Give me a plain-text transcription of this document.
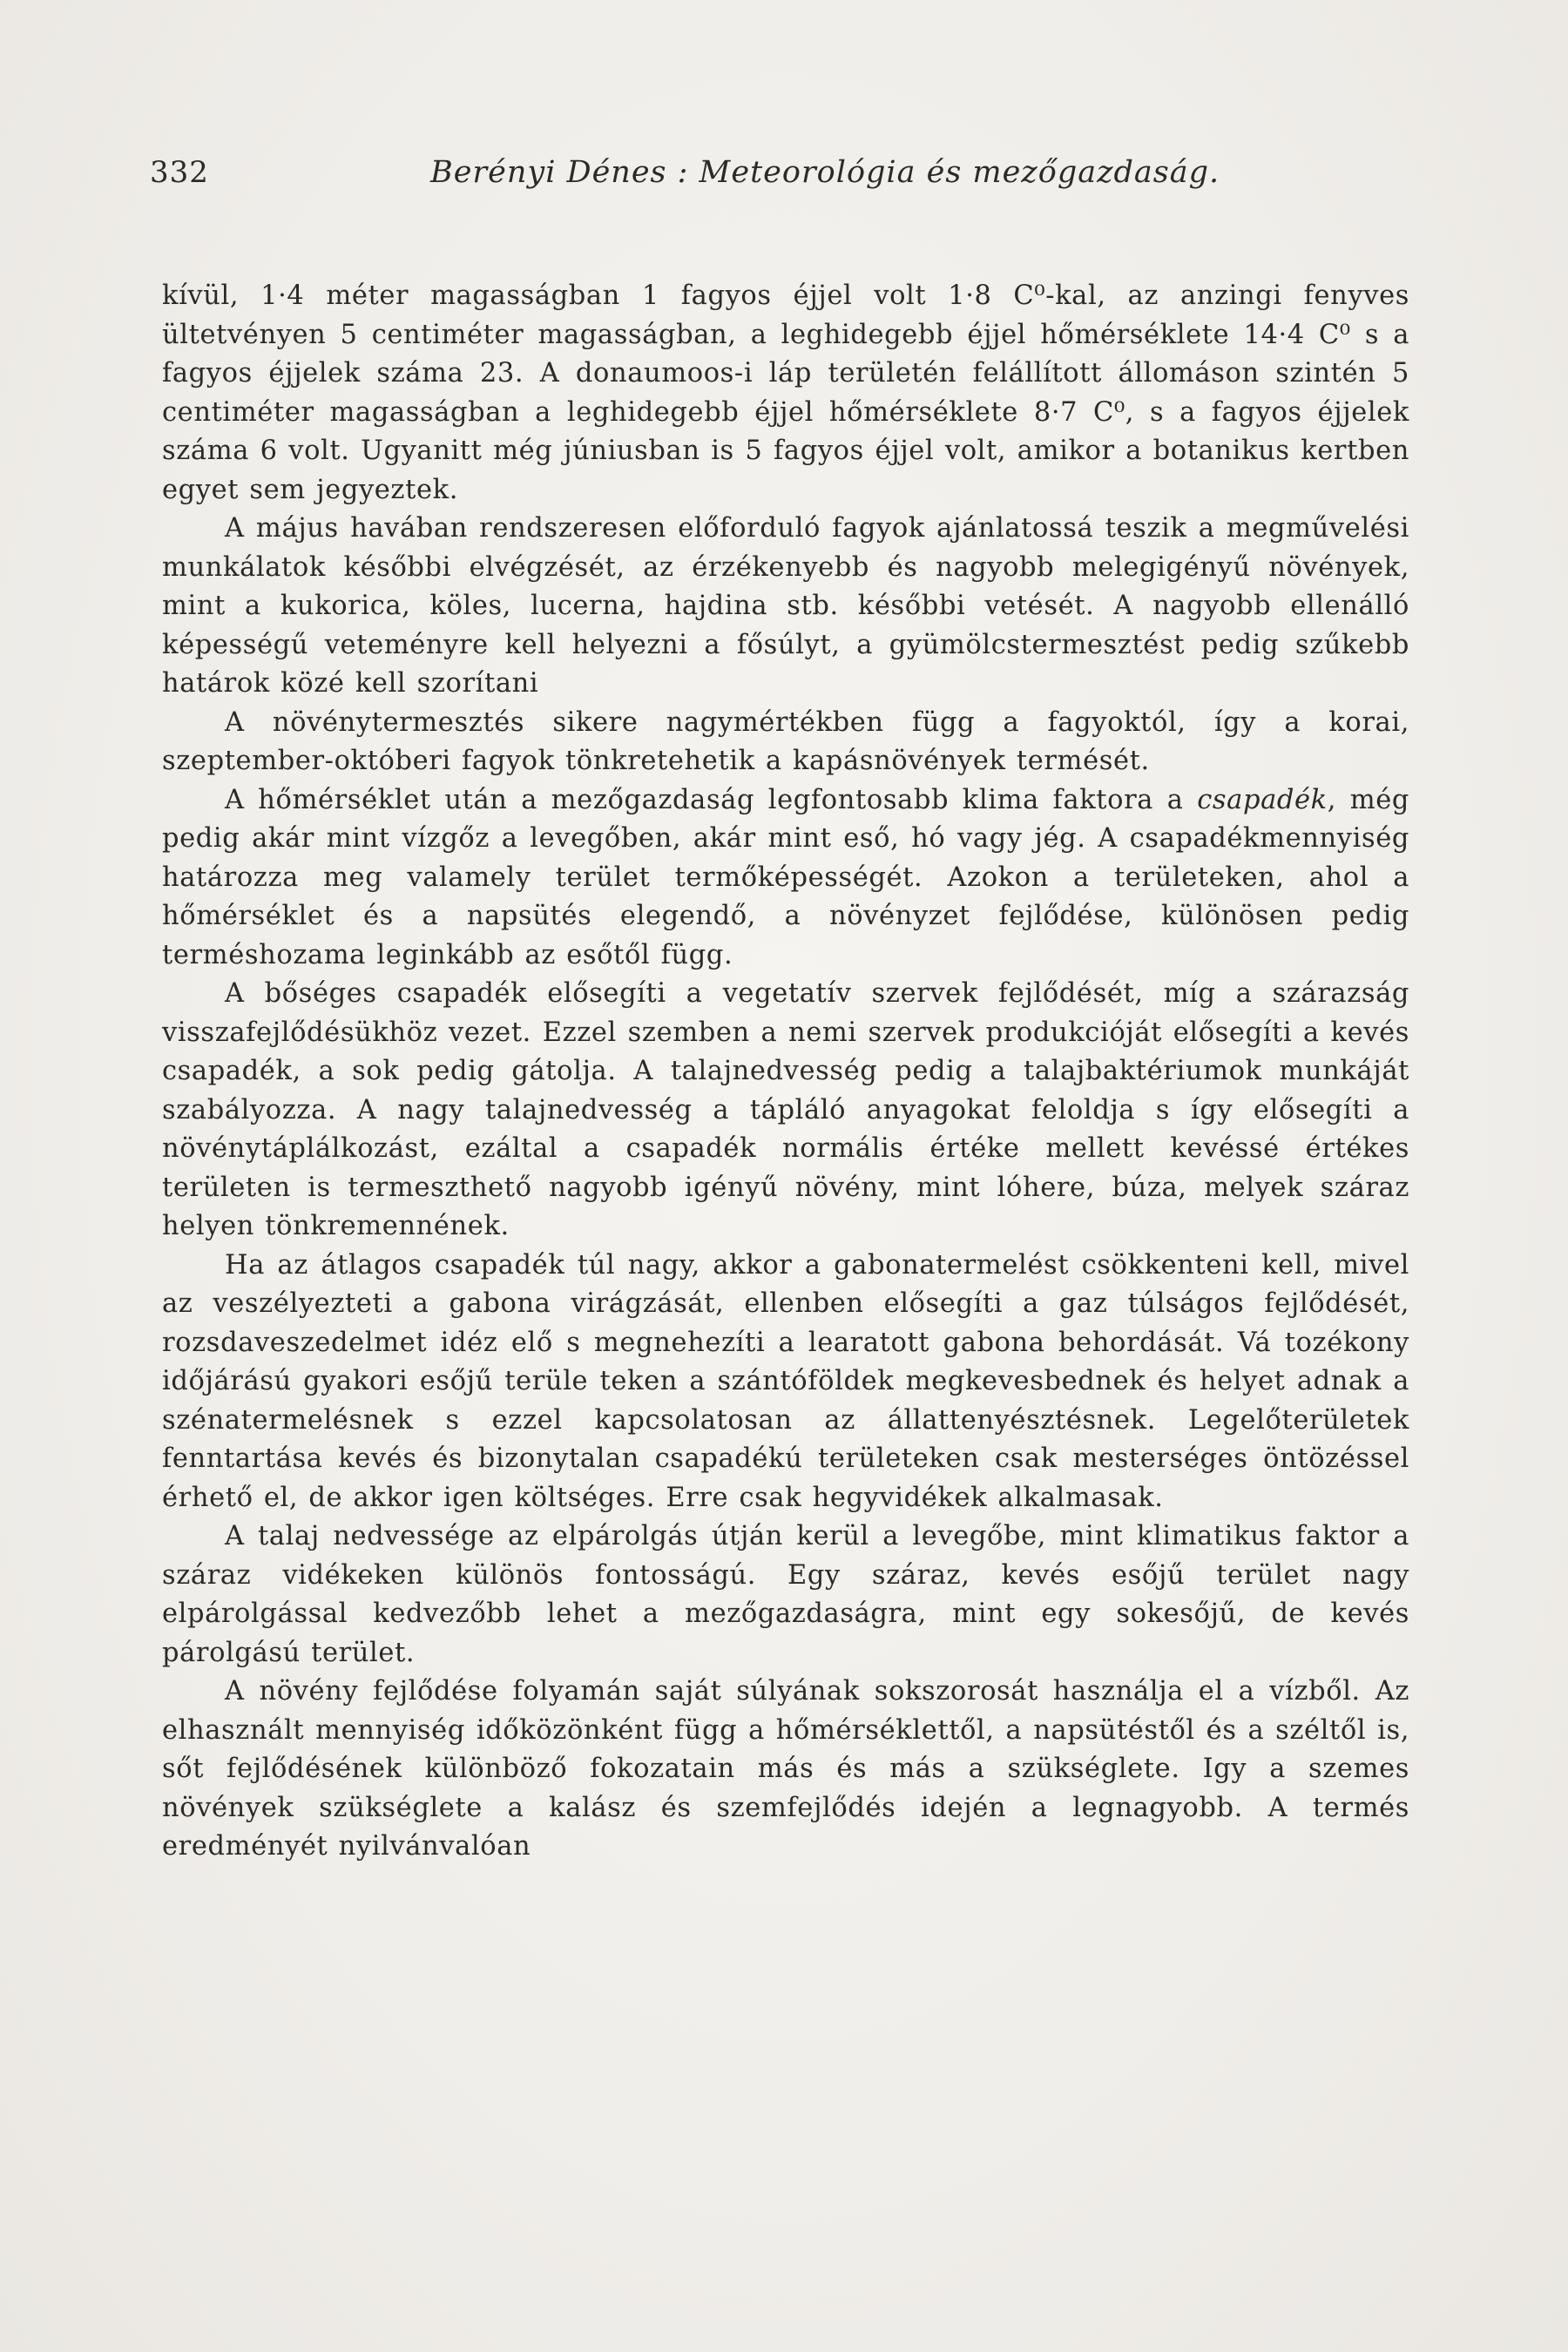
332	Berényi Dénes : Meteorológia és mezőgazdaság.

kívül, 1·4 méter magasságban 1 fagyos éjjel volt 1·8 C⁰-kal, az anzingi fenyves ültetvényen 5 centiméter magasságban, a leghidegebb éjjel hőmérséklete 14·4 C⁰ s a fagyos éjjelek száma 23. A donaumoos-i láp területén felállított állomáson szintén 5 centiméter magasságban a leghidegebb éjjel hőmérséklete 8·7 C⁰, s a fagyos éjjelek száma 6 volt. Ugyanitt még júniusban is 5 fagyos éjjel volt, amikor a botanikus kertben egyet sem jegyeztek.

A május havában rendszeresen előforduló fagyok ajánlatossá teszik a megművelési munkálatok későbbi elvégzését, az érzékenyebb és nagyobb melegigényű növények, mint a kukorica, köles, lucerna, hajdina stb. későbbi vetését. A nagyobb ellenálló képességű veteményre kell helyezni a fősúlyt, a gyümölcstermesztést pedig szűkebb határok közé kell szorítani

A növénytermesztés sikere nagymértékben függ a fagyoktól, így a korai, szeptember-októberi fagyok tönkretehetik a kapásnövények termését.

A hőmérséklet után a mezőgazdaság legfontosabb klima faktora a csapadék, még pedig akár mint vízgőz a levegőben, akár mint eső, hó vagy jég. A csapadékmennyiség határozza meg valamely terület termőképességét. Azokon a területeken, ahol a hőmérséklet és a napsütés elegendő, a növényzet fejlődése, különösen pedig terméshozama leginkább az esőtől függ.

A bőséges csapadék elősegíti a vegetatív szervek fejlődését, míg a szárazság visszafejlődésükhöz vezet. Ezzel szemben a nemi szervek produkcióját elősegíti a kevés csapadék, a sok pedig gátolja. A talajnedvesség pedig a talajbaktériumok munkáját szabályozza. A nagy talajnedvesség a tápláló anyagokat feloldja s így elősegíti a növénytáplálkozást, ezáltal a csapadék normális értéke mellett kevéssé értékes területen is termeszthető nagyobb igényű növény, mint lóhere, búza, melyek száraz helyen tönkremennének.

Ha az átlagos csapadék túl nagy, akkor a gabonatermelést csökkenteni kell, mivel az veszélyezteti a gabona virágzását, ellenben elősegíti a gaz túlságos fejlődését, rozsdaveszedelmet idéz elő s megnehezíti a learatott gabona behordását. Vá tozékony időjárású gyakori esőjű terüle teken a szántóföldek megkevesbednek és helyet adnak a szénatermelésnek s ezzel kapcsolatosan az állattenyésztésnek. Legelőterületek fenntartása kevés és bizonytalan csapadékú területeken csak mesterséges öntözéssel érhető el, de akkor igen költséges. Erre csak hegyvidékek alkalmasak.

A talaj nedvessége az elpárolgás útján kerül a levegőbe, mint klimatikus faktor a száraz vidékeken különös fontosságú. Egy száraz, kevés esőjű terület nagy elpárolgással kedvezőbb lehet a mezőgazdaságra, mint egy sokesőjű, de kevés párolgású terület.

A növény fejlődése folyamán saját súlyának sokszorosát használja el a vízből. Az elhasznált mennyiség időközönként függ a hőmérséklettől, a napsütéstől és a széltől is, sőt fejlődésének különböző fokozatain más és más a szükséglete. Igy a szemes növények szükséglete a kalász és szemfejlődés idején a legnagyobb. A termés eredményét nyilvánvalóan
